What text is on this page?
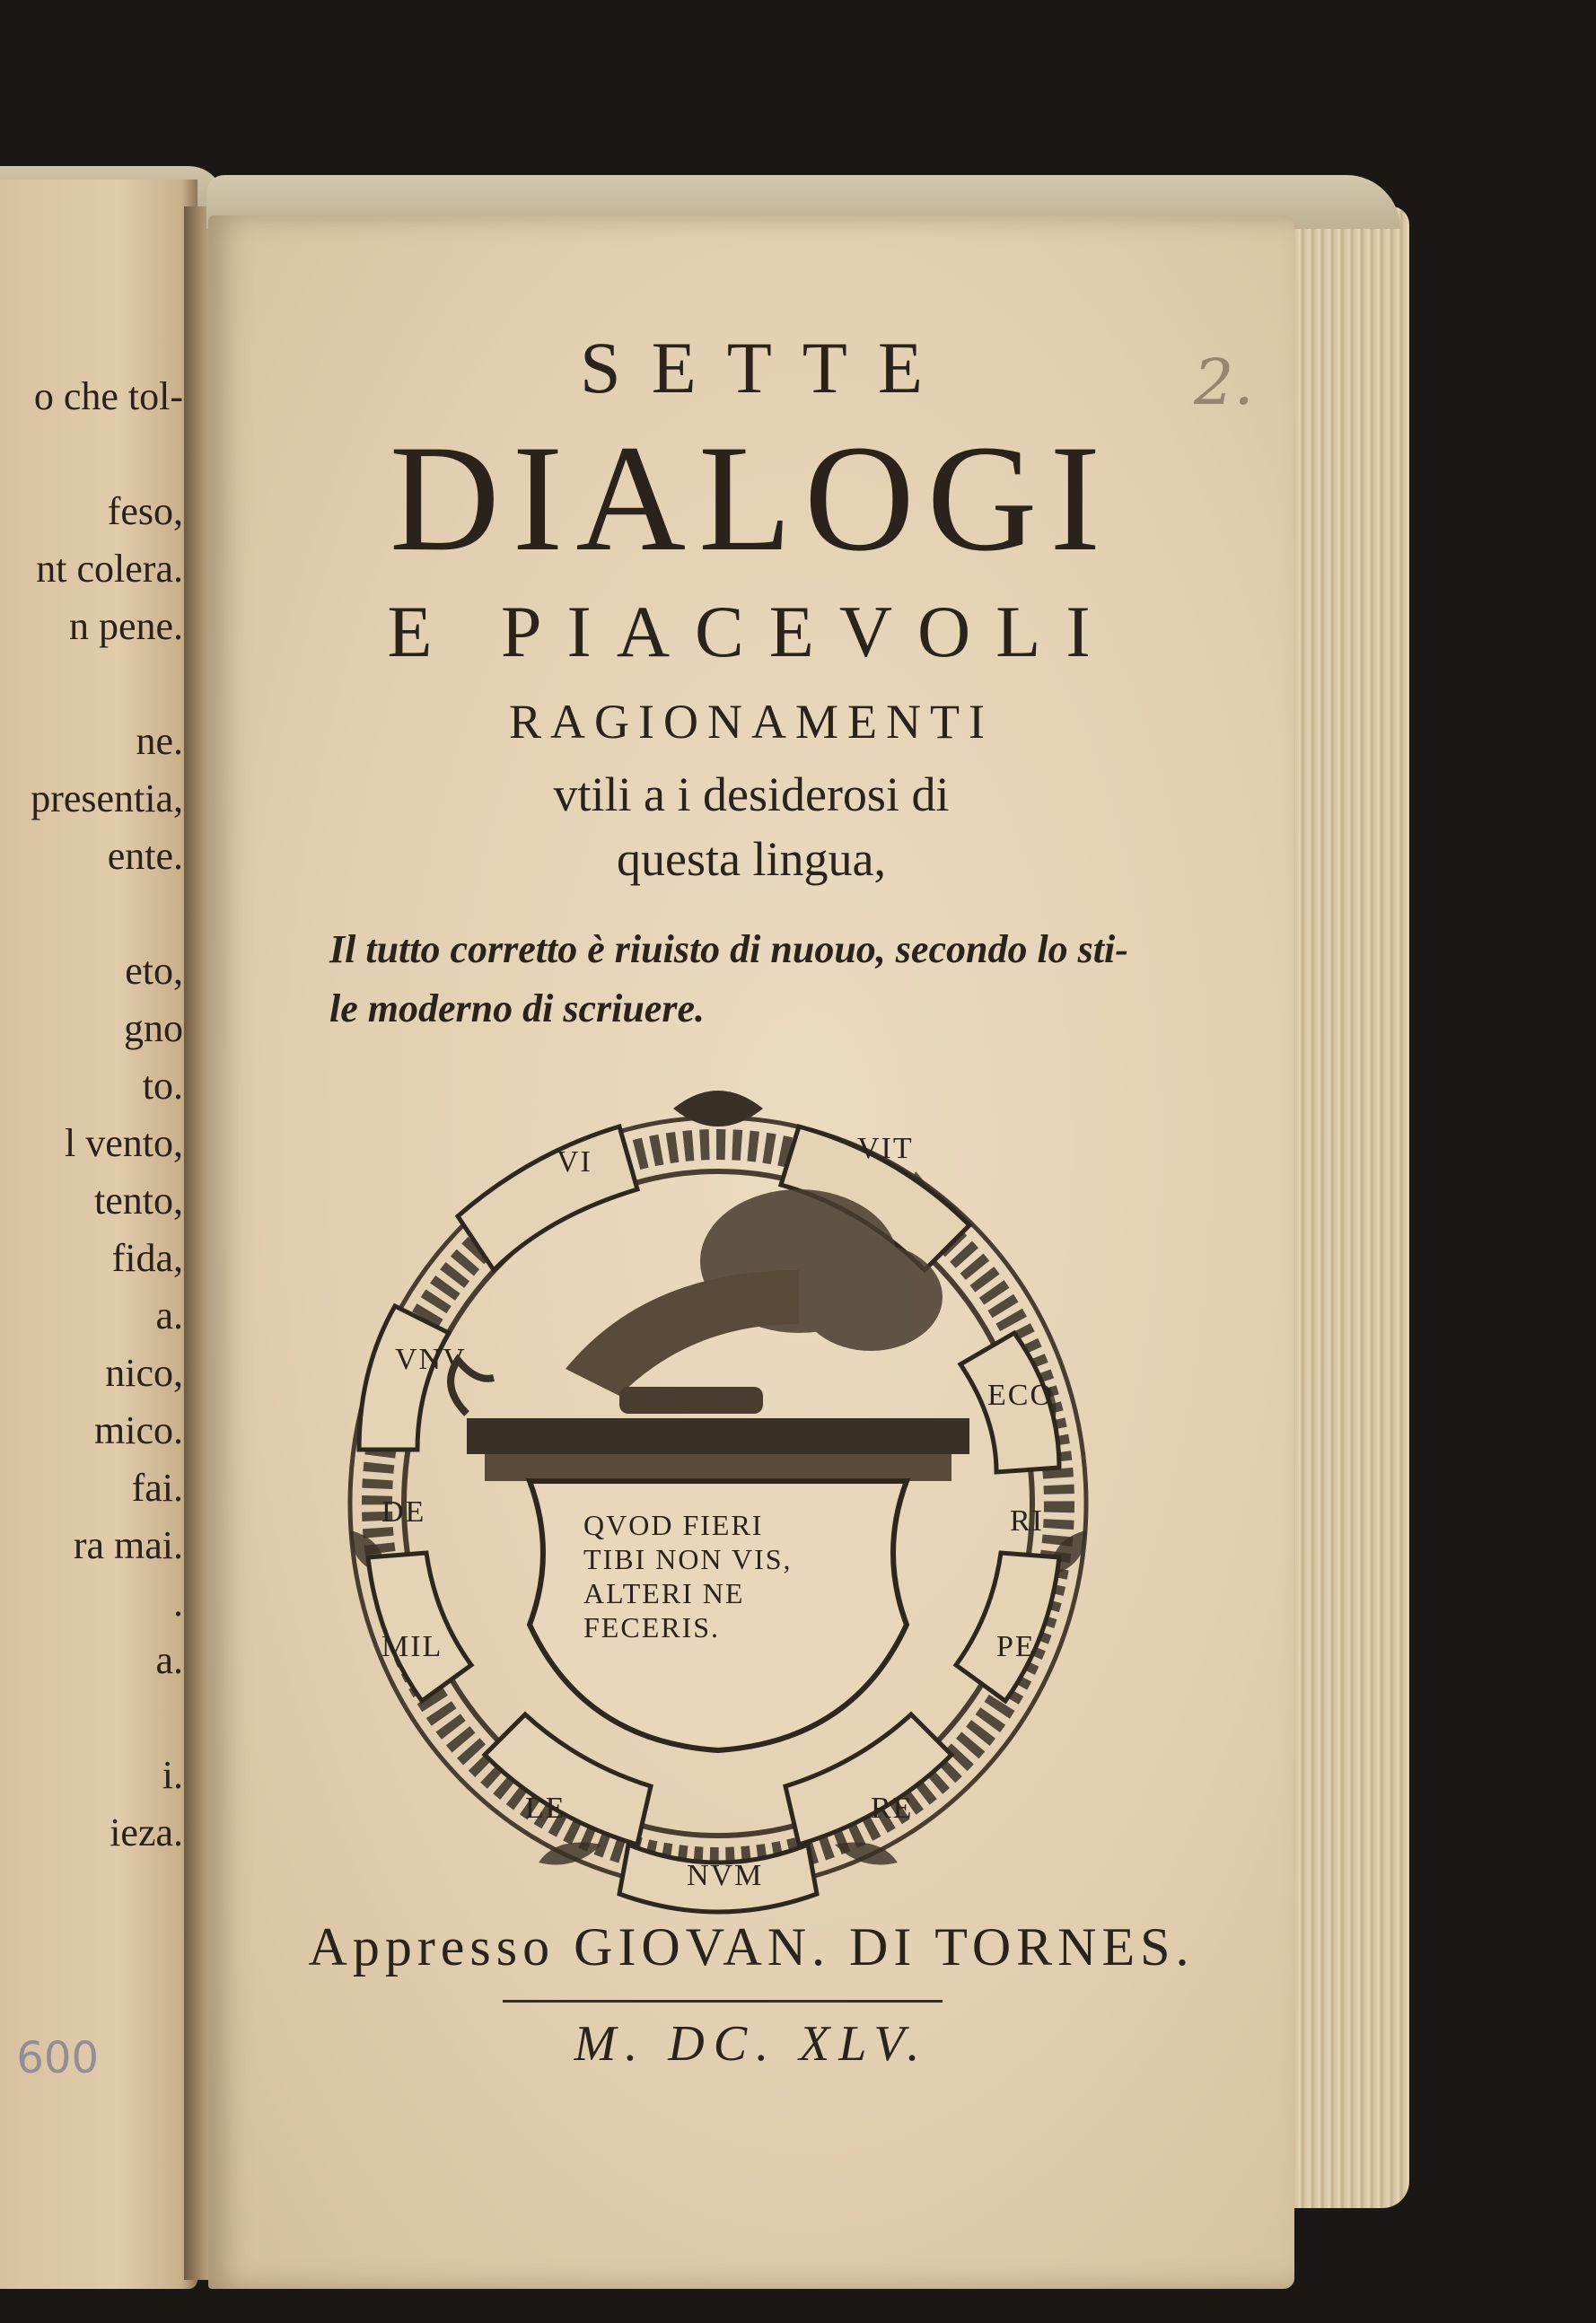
o che tol-
feso,
nt colera.
n pene.
ne.
presentia,
ente.
eto,
gno
to.
l vento,
tento,
fida,
a.
nico,
mico.
fai.
ra mai.
.
a.
i.
ieza.
600
2.
SETTE
DIALOGI
E PIACEVOLI
RAGIONAMENTI
vtili a i desiderosi di
questa lingua,
Il tutto corretto è riuisto di nuouo, secondo lo sti-
le moderno di scriuere.
VI	VIT
VNV
ECO
DE	RI
MIL	PE
LE	RE
NVM
QVOD FIERI
TIBI NON VIS,
ALTERI NE
FECERIS.
Appresso GIOVAN. DI TORNES.
M. DC. XLV.
